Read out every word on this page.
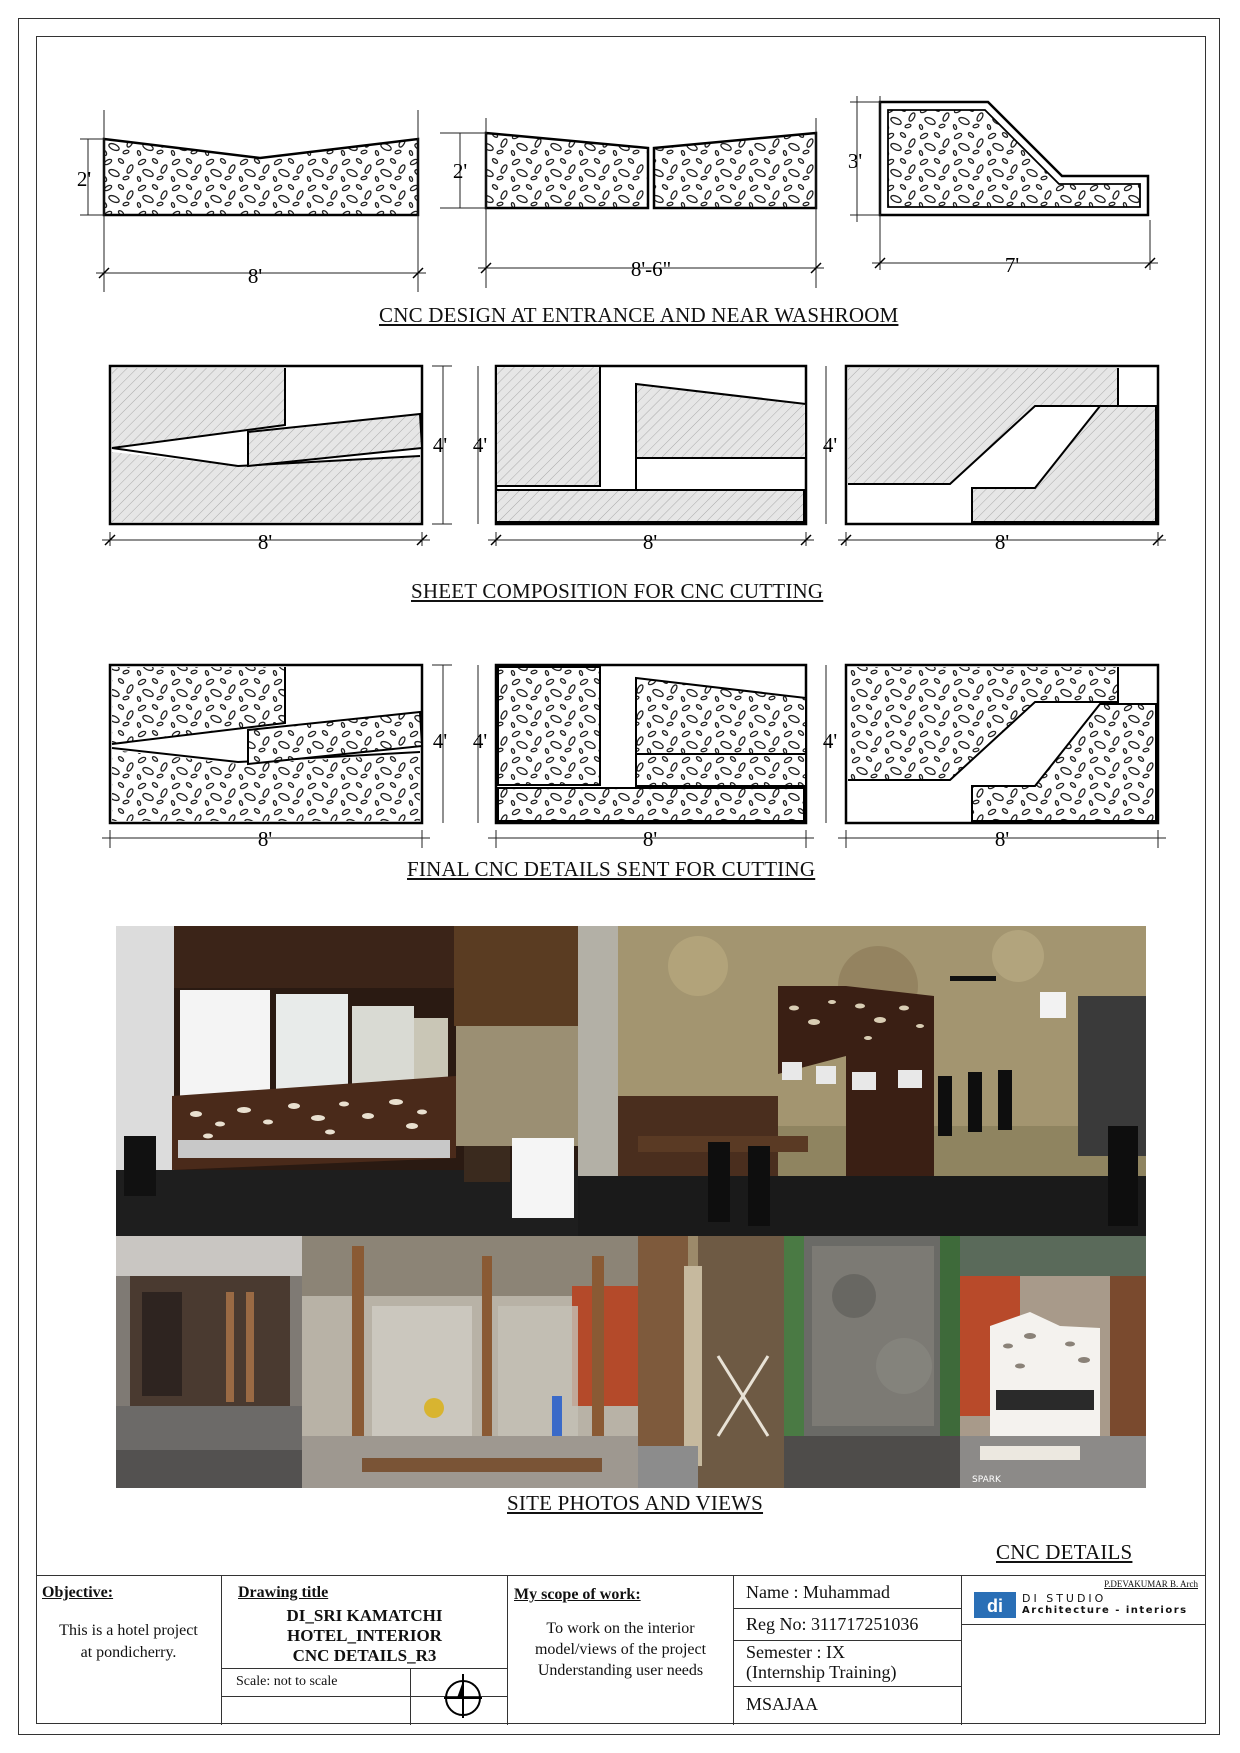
8'
2'
8'-6"
2'
7'
3'
8'
4'
8'
4'
8'
4'
8'
4'
8'
4'
8'
4'
CNC DESIGN AT ENTRANCE AND NEAR WASHROOM
SHEET COMPOSITION FOR CNC CUTTING
FINAL CNC DETAILS SENT FOR CUTTING
SPARK
SITE PHOTOS AND VIEWS
CNC DETAILS
Objective:
This is a hotel project
at pondicherry.
Drawing title
DI_SRI KAMATCHI
HOTEL_INTERIOR
CNC DETAILS_R3
Scale: not to scale
My scope of work:
To work on the interior
model/views of the project
Understanding user needs
Name : Muhammad
Reg No: 311717251036
Semester : IX
(Internship Training)
MSAJAA
P.DEVAKUMAR B. Arch
di DI STUDIO
Architecture - interiors
